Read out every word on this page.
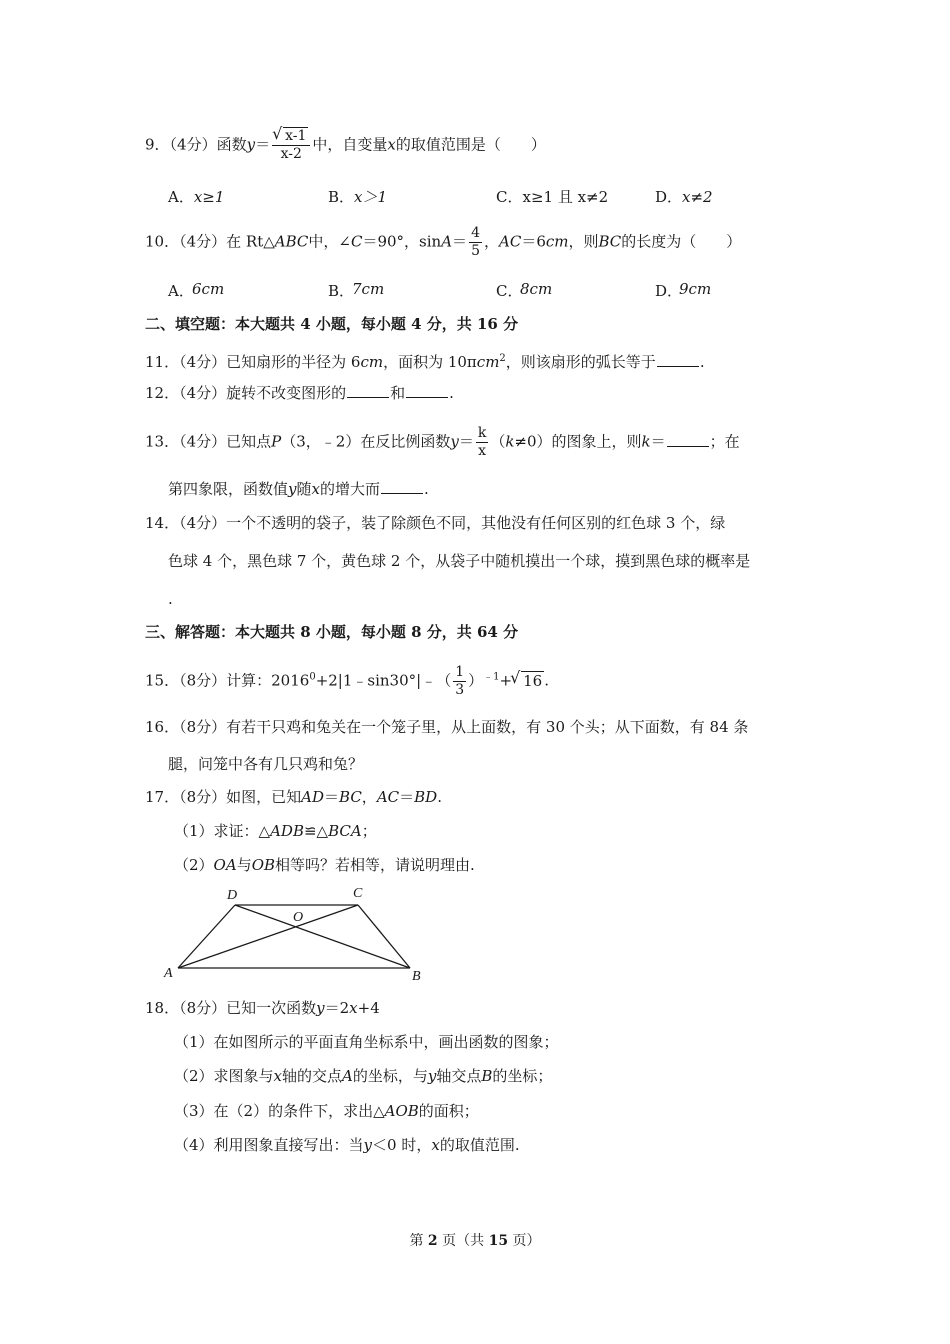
9．（4分）函数y＝
√ $\frac{x-1}{x-2}$ 中，自变量x的取值范围是（　　）
A．x≥1	B．x＞1	C．x≥1 且 x≠2	D．x≠2
10．（4分）在 Rt△ABC中，∠C＝90°，$\sin A= \frac{4}{5}$ ，AC＝6cm，则BC的长度为（　　）
A．
6cm	B．
7cm	C．
8cm	D．
9cm
二、填空题：本大题共 4 小题，每小题 4 分，共 16 分
11．（4分）已知扇形的半径为 6cm，面积为 10πcm$^2$，则该扇形的弧长等于	.
12．（4分）旋转不改变图形的	和	.
13．（4分）已知点P（3，﹣2）在反比例函数$y= \frac{k}{x} (k\ne 0)$的图象上，则k＝	；在
第四象限，函数值y随x的增大而	.
14．（4分）一个不透明的袋子，装了除颜色不同，其他没有任何区别的红色球 3 个，绿
色球 4 个，黑色球 7 个，黄色球 2 个，从袋子中随机摸出一个球，摸到黑色球的概率是
.
三、解答题：本大题共 8 小题，每小题 8 分，共 64 分
15．（8分）计算：$2016^0+2|1﹣\sin 30^\circ|﹣( \frac{1}{3} )^{﹣1}+√$ 16 .
16．（8分）有若干只鸡和兔关在一个笼子里，从上面数，有 30 个头；从下面数，有 84 条
腿，问笼中各有几只鸡和兔？
17．（8分）如图，已知AD＝BC，AC＝BD.
（1）求证：△ADB≌△BCA；
（2）OA与OB相等吗？若相等，请说明理由.
D	C
O
A	B
18．（8分）已知一次函数y＝2x+4
（1）在如图所示的平面直角坐标系中，画出函数的图象；
（2）求图象与x轴的交点A的坐标，与y轴交点B的坐标；
（3）在（2）的条件下，求出△AOB的面积；
（4）利用图象直接写出：当y＜0 时，x的取值范围.
第 2 页（共 15 页）
